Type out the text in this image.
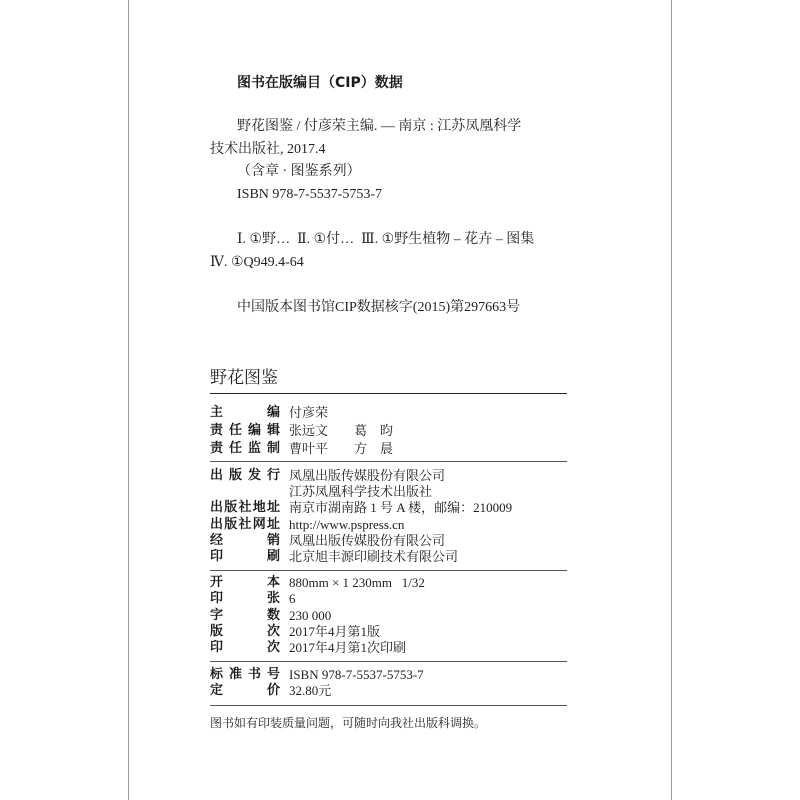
图书在版编目（CIP）数据
野花图鉴 / 付彦荣主编. — 南京 : 江苏凤凰科学
技术出版社, 2017.4
（含章 · 图鉴系列）
ISBN 978-7-5537-5753-7
Ⅰ. ①野…  Ⅱ. ①付…  Ⅲ. ①野生植物 – 花卉 – 图集
Ⅳ. ①Q949.4-64
中国版本图书馆CIP数据核字(2015)第297663号
野花图鉴
主编 付彦荣
责任编辑 张远文　　葛　昀
责任监制 曹叶平　　方　晨
出版发行 凤凰出版传媒股份有限公司
江苏凤凰科学技术出版社
出版社地址 南京市湖南路 1 号 A 楼，邮编：210009
出版社网址 http://www.pspress.cn
经销 凤凰出版传媒股份有限公司
印刷 北京旭丰源印刷技术有限公司
开本 880mm × 1 230mm   1/32
印张 6
字数 230 000
版次 2017年4月第1版
印次 2017年4月第1次印刷
标准书号 ISBN 978-7-5537-5753-7
定价 32.80元
图书如有印装质量问题，可随时向我社出版科调换。
